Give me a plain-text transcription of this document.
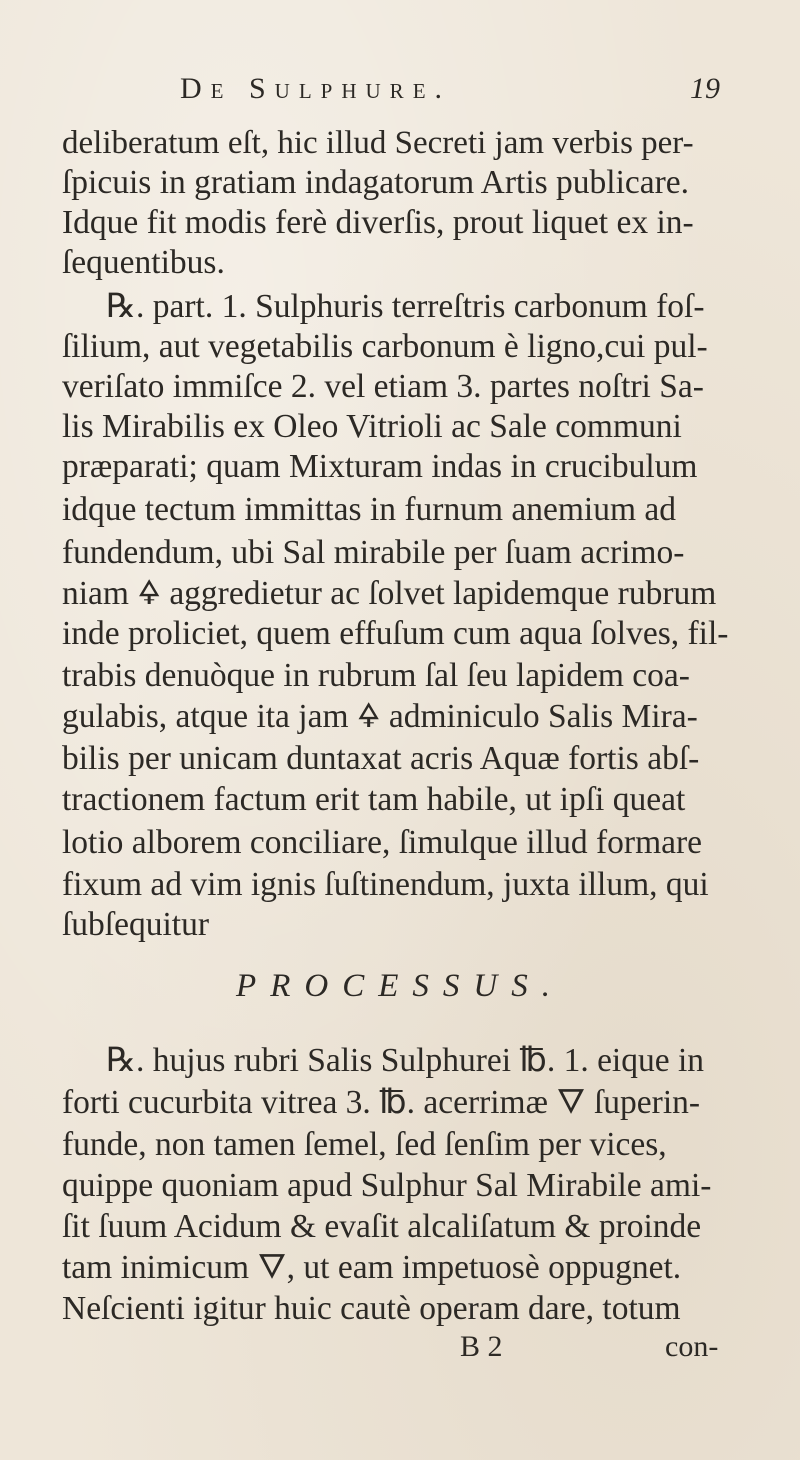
De Sulphure.	19
deliberatum eſt, hic illud Secreti jam verbis per-
ſpicuis in gratiam indagatorum Artis publicare.
Idque fit modis ferè diverſis, prout liquet ex in-
ſequentibus.
℞. part. 1. Sulphuris terreſtris carbonum foſ-
ſilium, aut vegetabilis carbonum è ligno,cui pul-
veriſato immiſce 2. vel etiam 3. partes noſtri Sa-
lis Mirabilis ex Oleo Vitrioli ac Sale communi
præparati; quam Mixturam indas in crucibulum
idque tectum immittas in furnum anemium ad
fundendum, ubi Sal mirabile per ſuam acrimo-
niam 🜍 aggredietur ac ſolvet lapidemque rubrum
inde proliciet, quem effuſum cum aqua ſolves, fil-
trabis denuòque in rubrum ſal ſeu lapidem coa-
gulabis, atque ita jam 🜍 adminiculo Salis Mira-
bilis per unicam duntaxat acris Aquæ fortis abſ-
tractionem factum erit tam habile, ut ipſi queat
lotio alborem conciliare, ſimulque illud formare
fixum ad vim ignis ſuſtinendum, juxta illum, qui
ſubſequitur
PROCESSUS.
℞. hujus rubri Salis Sulphurei ℔. 1. eique in
forti cucurbita vitrea 3. ℔. acerrimæ 🜄 ſuperin-
funde, non tamen ſemel, ſed ſenſim per vices,
quippe quoniam apud Sulphur Sal Mirabile ami-
ſit ſuum Acidum & evaſit alcaliſatum & proinde
tam inimicum 🜄, ut eam impetuosè oppugnet.
Neſcienti igitur huic cautè operam dare, totum
B 2	con-
